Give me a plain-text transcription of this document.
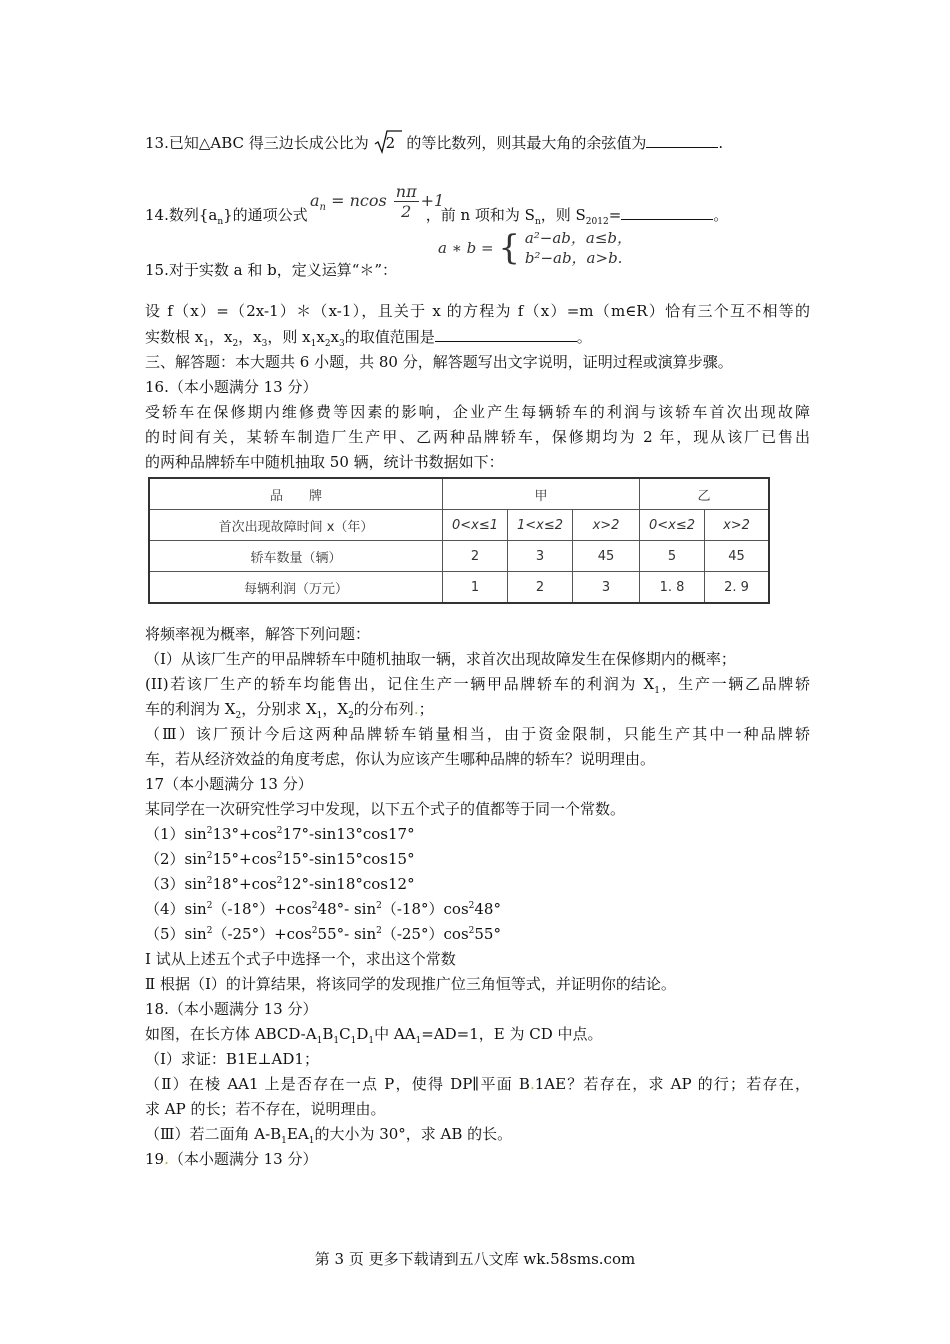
13.已知△ABC 得三边长成公比为 2 的等比数列，则其最大角的余弦值为	.
$a_n = ncos \frac{n\pi}{2} +1$
14.数列$\{a_n\}$的通项公式	，前 n 项和为 $S_n$，则 $S_{2012}=$	。
a ∗ b = { a²−ab，a≤b，
b²−ab，a>b.
15.对于实数 a 和 b，定义运算“＊”：
设 f（x）=（2x-1）＊（x-1），且关于 x 的方程为 f（x）=m（m∈R）恰有三个互不相等的
实数根 $x_1$，$x_2$，$x_3$，则 $x_1x_2x_3$的取值范围是	。
三、解答题：本大题共 6 小题，共 80 分，解答题写出文字说明，证明过程或演算步骤。
16.（本小题满分 13 分）
受轿车在保修期内维修费等因素的影响，企业产生每辆轿车的利润与该轿车首次出现故障
的时间有关，某轿车制造厂生产甲、乙两种品牌轿车，保修期均为 2 年，现从该厂已售出
的两种品牌轿车中随机抽取 50 辆，统计书数据如下：
品　　牌	甲			乙	
首次出现故障时间 x（年）	0<x≤1	1<x≤2	x>2	0<x≤2	x>2
轿车数量（辆）	2	3	45	5	45
每辆利润（万元）	1	2	3	1. 8	2. 9
将频率视为概率，解答下列问题：
（I）从该厂生产的甲品牌轿车中随机抽取一辆，求首次出现故障发生在保修期内的概率；
(II)若该厂生产的轿车均能售出，记住生产一辆甲品牌轿车的利润为 $X_1$，生产一辆乙品牌轿
车的利润为 $X_2$，分别求 $X_1$，$X_2$的分布列.；
（Ⅲ）该厂预计今后这两种品牌轿车销量相当，由于资金限制，只能生产其中一种品牌轿
车，若从经济效益的角度考虑，你认为应该产生哪种品牌的轿车？说明理由。
17（本小题满分 13 分）
某同学在一次研究性学习中发现，以下五个式子的值都等于同一个常数。
$(1)\sin^213^\circ+\cos^217^\circ-\sin 13^\circ\cos 17^\circ$
$(2)\sin^215^\circ+\cos^215^\circ-\sin 15^\circ\cos 15^\circ$
$(3)\sin^218^\circ+\cos^212^\circ-\sin 18^\circ\cos 12^\circ$
$(4)\sin^2(-18^\circ)+\cos^248^\circ-$ $\sin^2(-18^\circ)\cos^248^\circ$
$(5)\sin^2(-25^\circ)+\cos^255^\circ-$ $\sin^2(-25^\circ)\cos^255^\circ$
Ⅰ 试从上述五个式子中选择一个，求出这个常数
Ⅱ 根据（Ⅰ）的计算结果，将该同学的发现推广位三角恒等式，并证明你的结论。
18.（本小题满分 13 分）
如图，在长方体 ABCD-$A_1B_1C_1D_1$中 $AA_1=AD=1$，E 为 CD 中点。
（Ⅰ）求证：B1E⊥AD1；
（Ⅱ）在棱 AA1 上是否存在一点 P，使得 DP∥平面 B.1AE？若存在，求 AP 的行；若存在，
求 AP 的长；若不存在，说明理由。
（Ⅲ）若二面角 $A-B_1EA_1$的大小为 30°，求 AB 的长。
19.（本小题满分 13 分）
第 3 页 更多下载请到五八文库 wk.58sms.com
